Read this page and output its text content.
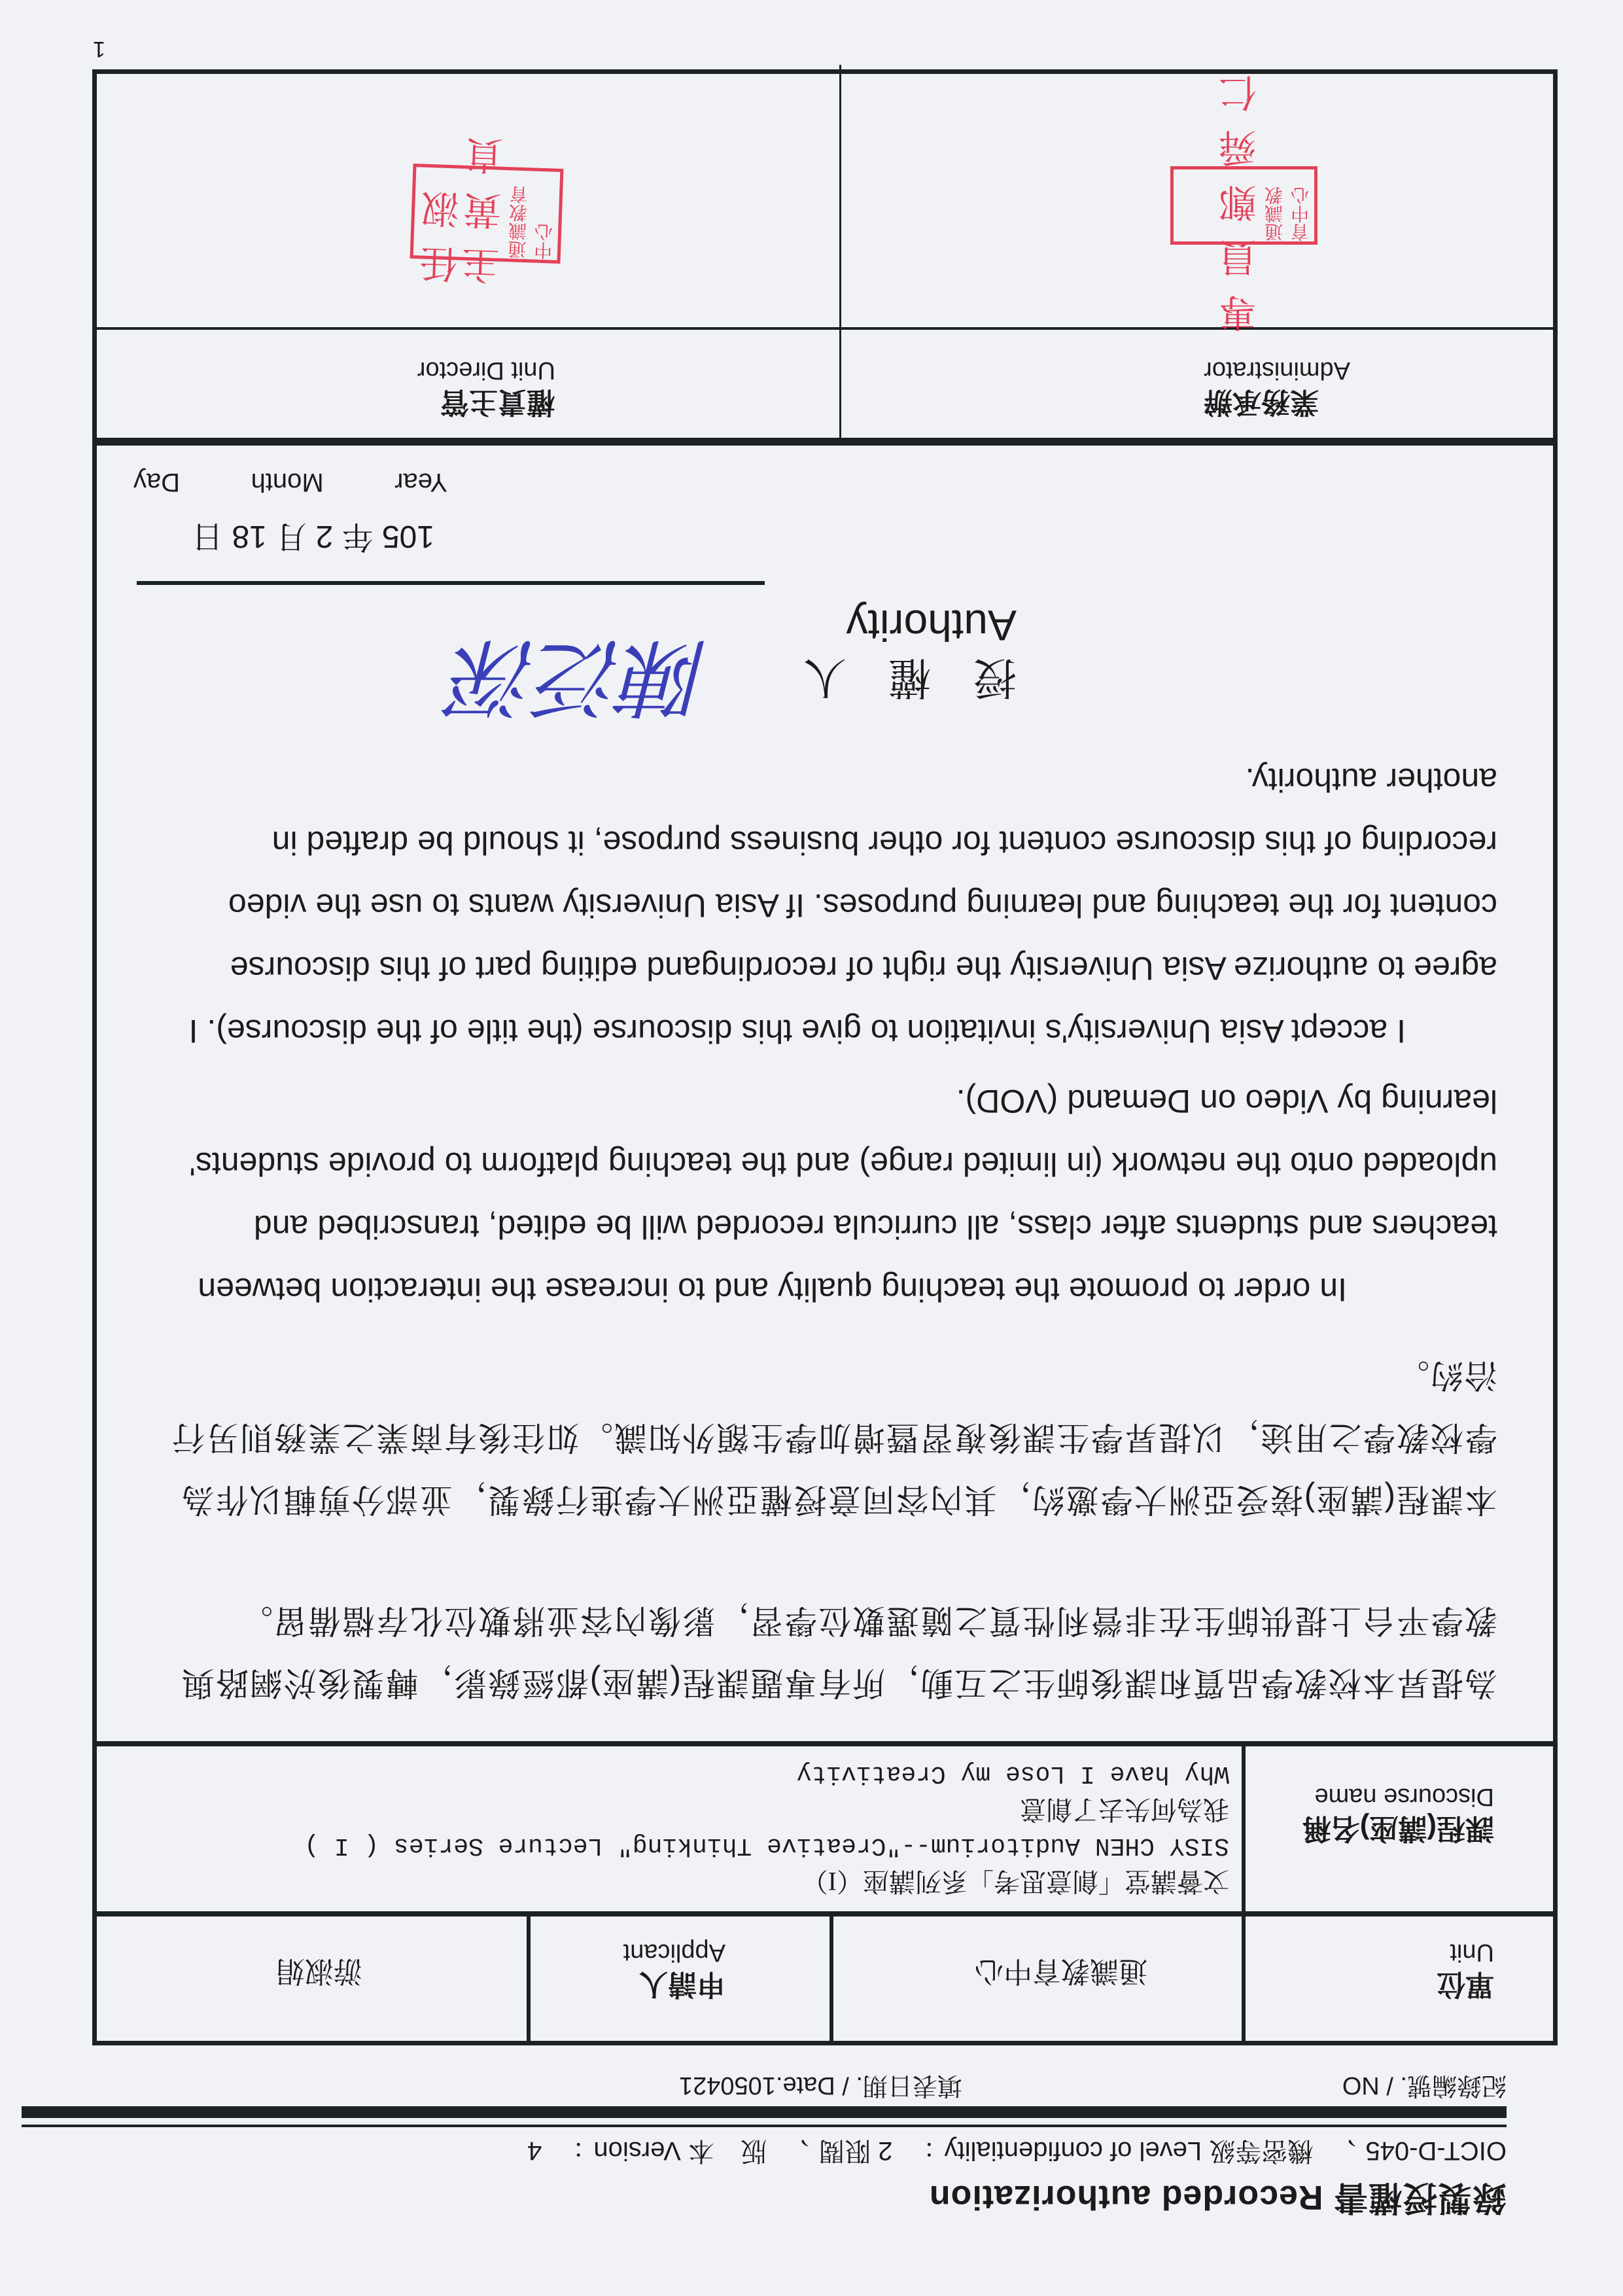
錄製授權書 Recorded authorization
OICT-D-045、 機密等級 Level of confidentiality： 2 限閱、 版　本 Version： 4
紀錄編號. / NO
填表日期. / Date.1050421
單位
Unit
通識教育中心
申請人
Applicant
游淑娟
課程(講座)名稱
Discourse name
文薈講堂「創意思考」系列講座（I）
SISY CHEN Auditorium--"Creative Thinking" Lecture Series ( I )
我為何失去了創意
Why have I Lose my Creativity
為提昇本校教學品質和課後師生之互動，所有專題課程(講座)都經錄影，轉製後於網路與教學平台上提供師生在非營利性質之隨選數位學習，影像內容並將數位化存檔備留。
本課程(講座)接受亞洲大學邀約，其內容同意授權亞洲大學進行錄製，並部分剪輯以作為學校教學之用途，以提昇學生課後複習暨增加學生額外知識。如往後有商業之業務則另行洽約。
In order to promote the teaching quality and to increase the interaction between teachers and students after class, all curricula recorded will be edited, transcribed and uploaded onto the network (in limited range) and the teaching platform to provide students' learning by Video on Demand (VOD).
I accept Asia University's invitation to give this discourse (the title of the discourse). I agree to authorize Asia University the right of recordingand editing part of this discourse content for the teaching and learning purposes. If Asia University wants to use the video recording of this discourse content for other business purpose, it should be drafted in another authority.
授權人
Authority
陳泛深
105 年 2 月 18 日
Year
Month
Day
業務承辦
Administrator
權責主管
Unit Director
通識教育中心
專員 鄭舜仁
通識教育中心
主任 黃淑貞
1
